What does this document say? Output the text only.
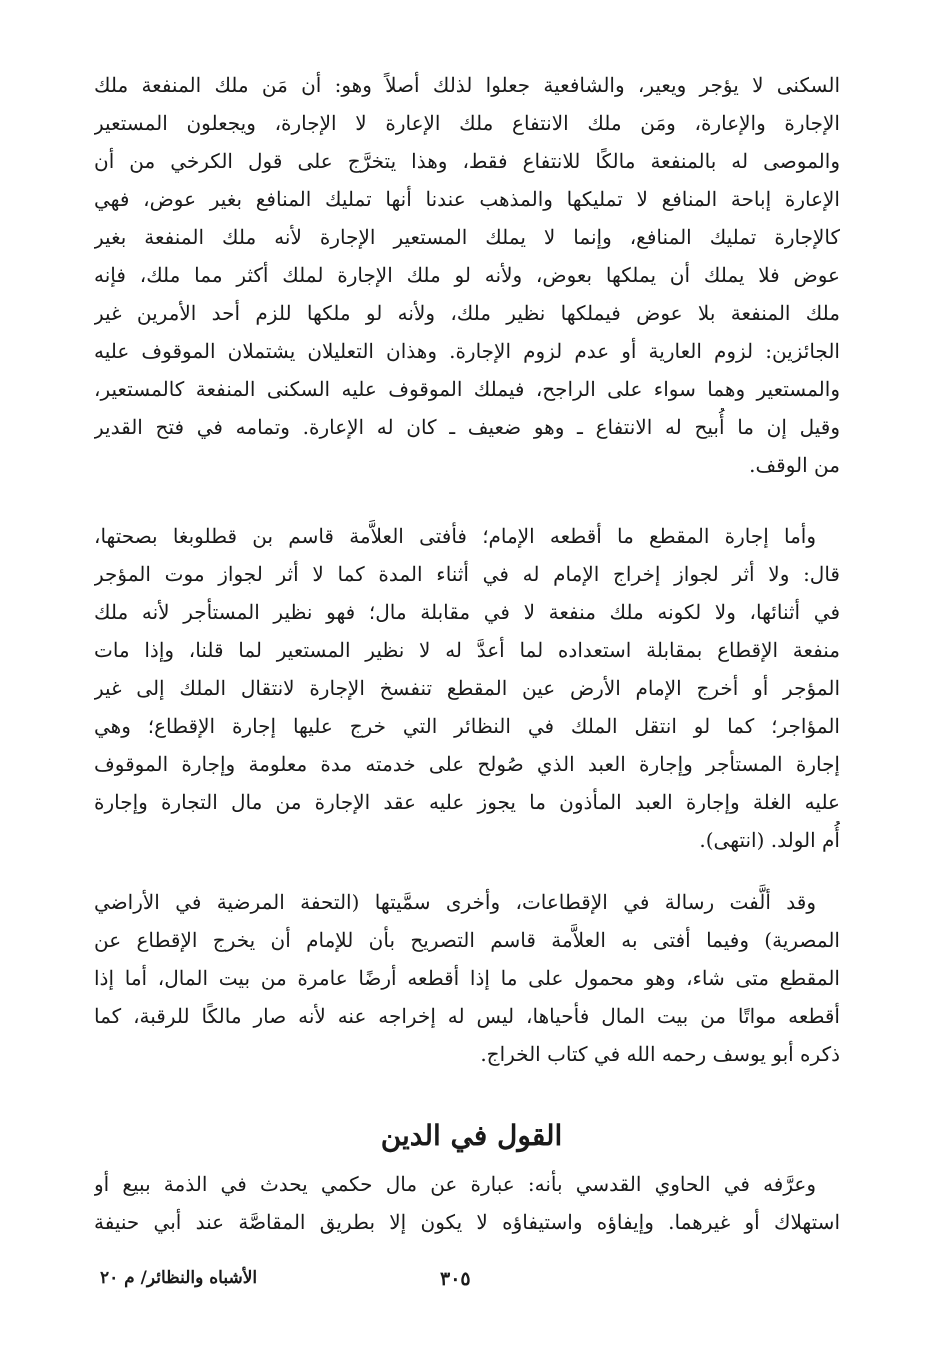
السكنى لا يؤجر ويعير، والشافعية جعلوا لذلك أصلاً وهو: أن مَن ملك المنفعة ملك
الإجارة والإعارة، ومَن ملك الانتفاع ملك الإعارة لا الإجارة، ويجعلون المستعير
والموصى له بالمنفعة مالكًا للانتفاع فقط، وهذا يتخرَّج على قول الكرخي من أن
الإعارة إباحة المنافع لا تمليكها والمذهب عندنا أنها تمليك المنافع بغير عوض، فهي
كالإجارة تمليك المنافع، وإنما لا يملك المستعير الإجارة لأنه ملك المنفعة بغير
عوض فلا يملك أن يملكها بعوض، ولأنه لو ملك الإجارة لملك أكثر مما ملك، فإنه
ملك المنفعة بلا عوض فيملكها نظير ملك، ولأنه لو ملكها للزم أحد الأمرين غير
الجائزين: لزوم العارية أو عدم لزوم الإجارة. وهذان التعليلان يشتملان الموقوف عليه
والمستعير وهما سواء على الراجح، فيملك الموقوف عليه السكنى المنفعة كالمستعير،
وقيل إن ما أُبيح له الانتفاع ـ وهو ضعيف ـ كان له الإعارة. وتمامه في فتح القدير
من الوقف.
وأما إجارة المقطع ما أقطعه الإمام؛ فأفتى العلاَّمة قاسم بن قطلوبغا بصحتها،
قال: ولا أثر لجواز إخراج الإمام له في أثناء المدة كما لا أثر لجواز موت المؤجر
في أثنائها، ولا لكونه ملك منفعة لا في مقابلة مال؛ فهو نظير المستأجر لأنه ملك
منفعة الإقطاع بمقابلة استعداده لما أعدَّ له لا نظير المستعير لما قلنا، وإذا مات
المؤجر أو أخرج الإمام الأرض عين المقطع تنفسخ الإجارة لانتقال الملك إلى غير
المؤاجر؛ كما لو انتقل الملك في النظائر التي خرج عليها إجارة الإقطاع؛ وهي
إجارة المستأجر وإجارة العبد الذي صُولح على خدمته مدة معلومة وإجارة الموقوف
عليه الغلة وإجارة العبد المأذون ما يجوز عليه عقد الإجارة من مال التجارة وإجارة
أُم الولد. (انتهى).
وقد ألَّفت رسالة في الإقطاعات، وأخرى سمَّيتها (التحفة المرضية في الأراضي
المصرية) وفيما أفتى به العلاَّمة قاسم التصريح بأن للإمام أن يخرج الإقطاع عن
المقطع متى شاء، وهو محمول على ما إذا أقطعه أرضًا عامرة من بيت المال، أما إذا
أقطعه مواتًا من بيت المال فأحياها، ليس له إخراجه عنه لأنه صار مالكًا للرقبة، كما
ذكره أبو يوسف رحمه الله في كتاب الخراج.
القول في الدين
وعرَّفه في الحاوي القدسي بأنه: عبارة عن مال حكمي يحدث في الذمة ببيع أو
استهلاك أو غيرهما. وإيفاؤه واستيفاؤه لا يكون إلا بطريق المقاصَّة عند أبي حنيفة
الأشباه والنظائر/ م ٢٠	٣٠٥
